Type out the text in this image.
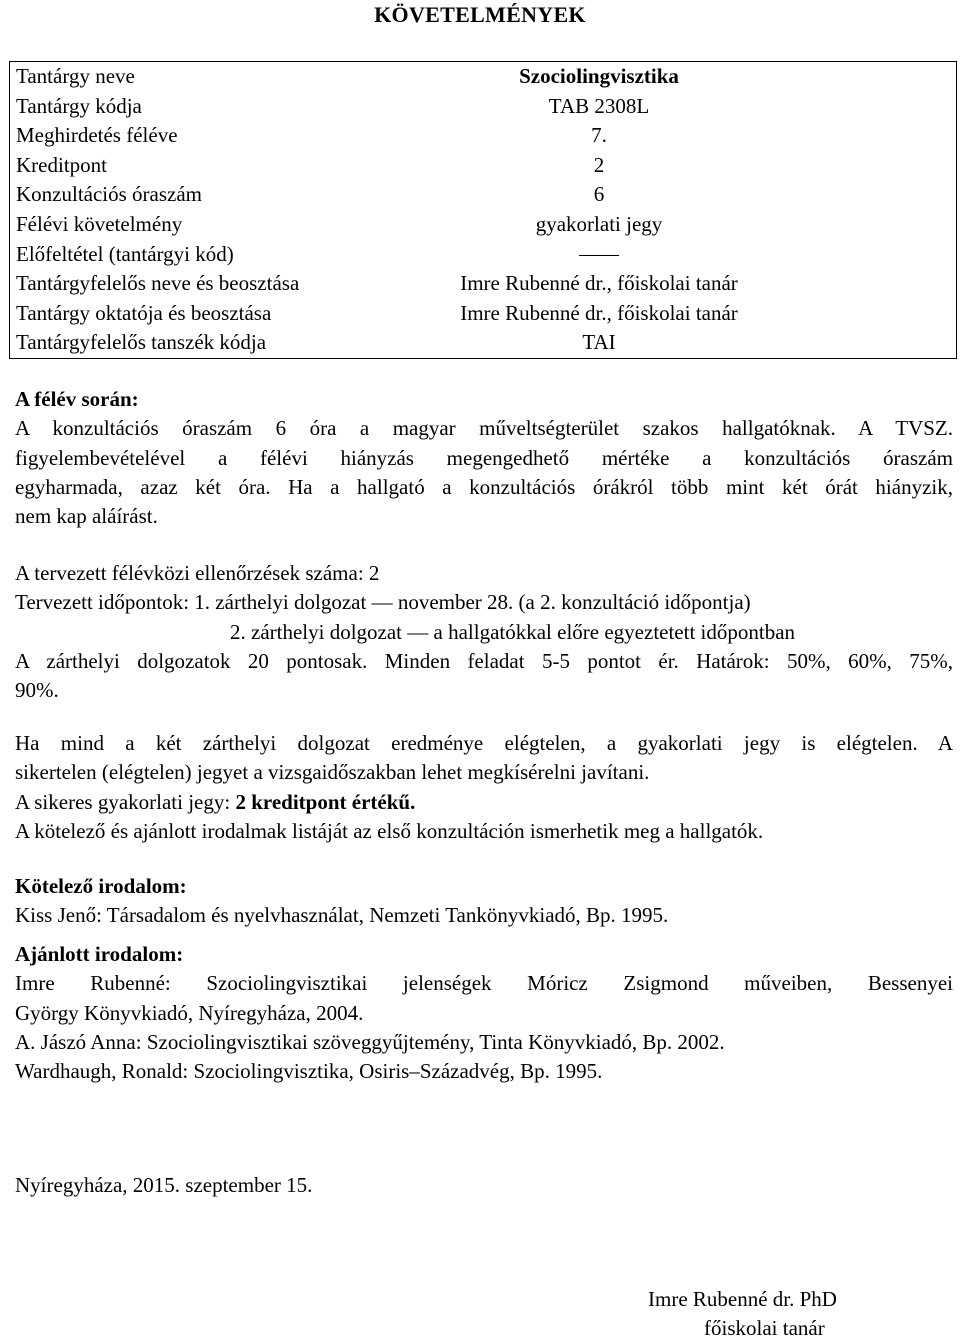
KÖVETELMÉNYEK
Tantárgy neve	Szociolingvisztika
Tantárgy kódja	TAB 2308L
Meghirdetés féléve	7.
Kreditpont	2
Konzultációs óraszám	6
Félévi követelmény	gyakorlati jegy
Előfeltétel (tantárgyi kód)	
Tantárgyfelelős neve és beosztása	Imre Rubenné dr., főiskolai tanár
Tantárgy oktatója és beosztása	Imre Rubenné dr., főiskolai tanár
Tantárgyfelelős tanszék kódja	TAI
A félév során:
A konzultációs óraszám 6 óra a magyar műveltségterület szakos hallgatóknak. A TVSZ.
figyelembevételével a félévi hiányzás megengedhető mértéke a konzultációs óraszám
egyharmada, azaz két óra. Ha a hallgató a konzultációs órákról több mint két órát hiányzik,
nem kap aláírást.
A tervezett félévközi ellenőrzések száma: 2
Tervezett időpontok: 1. zárthelyi dolgozat — november 28. (a 2. konzultáció időpontja)
2. zárthelyi dolgozat — a hallgatókkal előre egyeztetett időpontban
A zárthelyi dolgozatok 20 pontosak. Minden feladat 5-5 pontot ér. Határok: 50%, 60%, 75%,
90%.
Ha mind a két zárthelyi dolgozat eredménye elégtelen, a gyakorlati jegy is elégtelen. A
sikertelen (elégtelen) jegyet a vizsgaidőszakban lehet megkísérelni javítani.
A sikeres gyakorlati jegy: 2 kreditpont értékű.
A kötelező és ajánlott irodalmak listáját az első konzultáción ismerhetik meg a hallgatók.
Kötelező irodalom:
Kiss Jenő: Társadalom és nyelvhasználat, Nemzeti Tankönyvkiadó, Bp. 1995.
Ajánlott irodalom:
Imre Rubenné: Szociolingvisztikai jelenségek Móricz Zsigmond műveiben, Bessenyei
György Könyvkiadó, Nyíregyháza, 2004.
A. Jászó Anna: Szociolingvisztikai szöveggyűjtemény, Tinta Könyvkiadó, Bp. 2002.
Wardhaugh, Ronald: Szociolingvisztika, Osiris–Századvég, Bp. 1995.
Nyíregyháza, 2015. szeptember 15.
Imre Rubenné dr. PhD
főiskolai tanár
